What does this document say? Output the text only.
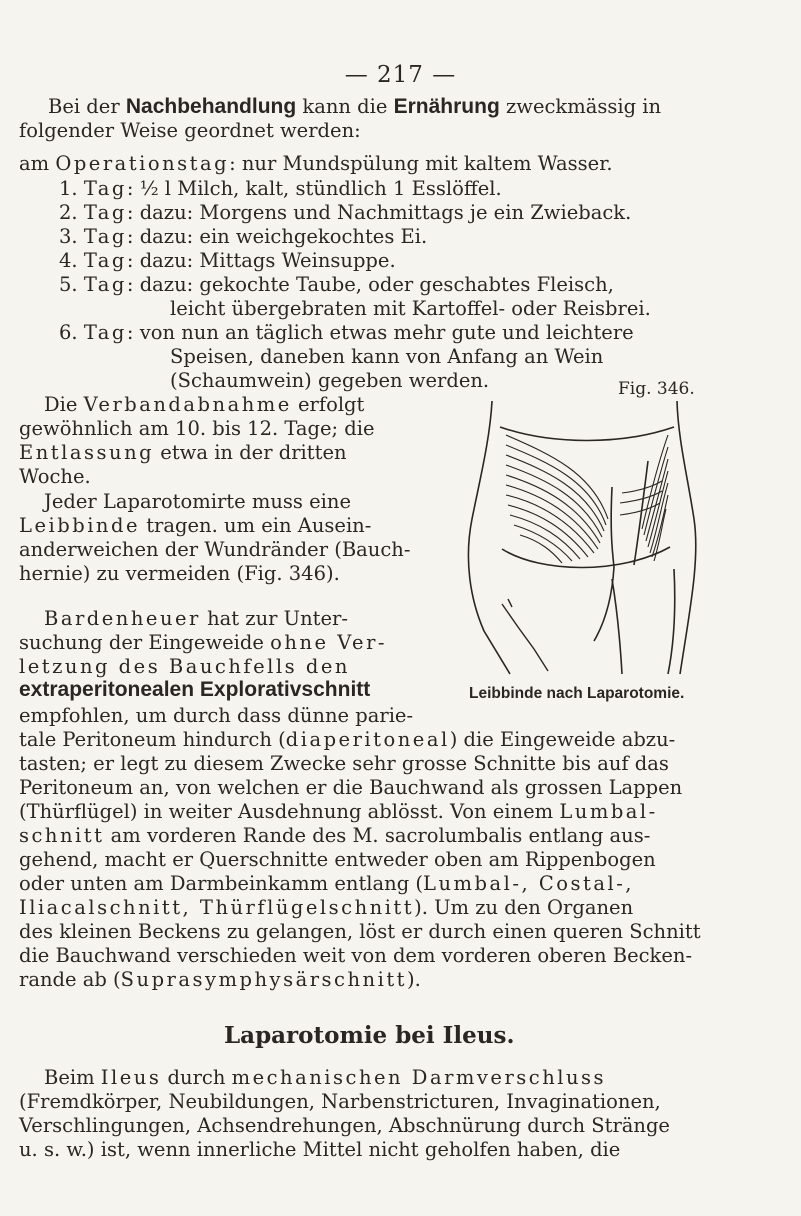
— 217 —
Bei der Nachbehandlung kann die Ernährung zweckmässig in
folgender Weise geordnet werden:
am Operationstag: nur Mundspülung mit kaltem Wasser.
1. Tag: ½ l Milch, kalt, stündlich 1 Esslöffel.
2. Tag: dazu: Morgens und Nachmittags je ein Zwieback.
3. Tag: dazu: ein weichgekochtes Ei.
4. Tag: dazu: Mittags Weinsuppe.
5. Tag: dazu: gekochte Taube, oder geschabtes Fleisch,
leicht übergebraten mit Kartoffel- oder Reisbrei.
6. Tag: von nun an täglich etwas mehr gute und leichtere
Speisen, daneben kann von Anfang an Wein
(Schaumwein) gegeben werden.
Die Verbandabnahme erfolgt
gewöhnlich am 10. bis 12. Tage; die
Entlassung etwa in der dritten
Woche.
Jeder Laparotomirte muss eine
Leibbinde tragen. um ein Ausein-
anderweichen der Wundränder (Bauch-
hernie) zu vermeiden (Fig. 346).
Fig. 346.
Leibbinde nach Laparotomie.
Bardenheuer hat zur Unter-
suchung der Eingeweide ohne Ver-
letzung des Bauchfells den
extraperitonealen Explorativschnitt
empfohlen, um durch dass dünne parie-
tale Peritoneum hindurch (diaperitoneal) die Eingeweide abzu-
tasten; er legt zu diesem Zwecke sehr grosse Schnitte bis auf das
Peritoneum an, von welchen er die Bauchwand als grossen Lappen
(Thürflügel) in weiter Ausdehnung ablösst. Von einem Lumbal-
schnitt am vorderen Rande des M. sacrolumbalis entlang aus-
gehend, macht er Querschnitte entweder oben am Rippenbogen
oder unten am Darmbeinkamm entlang (Lumbal-, Costal-,
Iliacalschnitt, Thürflügelschnitt). Um zu den Organen
des kleinen Beckens zu gelangen, löst er durch einen queren Schnitt
die Bauchwand verschieden weit von dem vorderen oberen Becken-
rande ab (Suprasymphysärschnitt).
Laparotomie bei Ileus.
Beim Ileus durch mechanischen Darmverschluss
(Fremdkörper, Neubildungen, Narbenstricturen, Invaginationen,
Verschlingungen, Achsendrehungen, Abschnürung durch Stränge
u. s. w.) ist, wenn innerliche Mittel nicht geholfen haben, die
